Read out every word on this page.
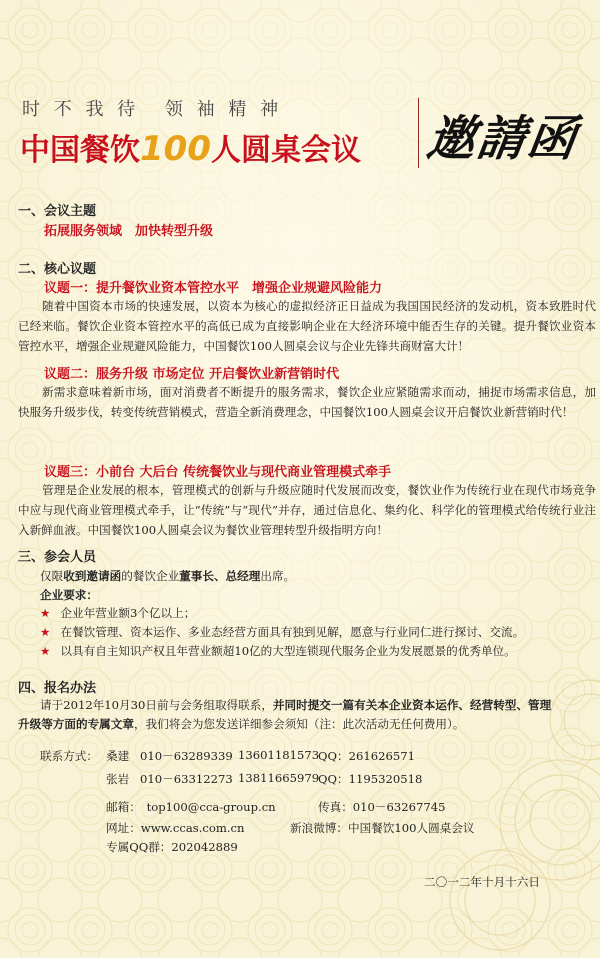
时 不 我 待 领 袖 精 神
中国餐饮100人圆桌会议 邀請函
一、会议主题
拓展服务领域　加快转型升级
二、核心议题
议题一：提升餐饮业资本管控水平　增强企业规避风险能力
随着中国资本市场的快速发展，以资本为核心的虚拟经济正日益成为我国国民经济的发动机，资本致胜时代已经来临。餐饮企业资本管控水平的高低已成为直接影响企业在大经济环境中能否生存的关键。提升餐饮业资本管控水平，增强企业规避风险能力，中国餐饮100人圆桌会议与企业先锋共商财富大计！
议题二：服务升级 市场定位 开启餐饮业新营销时代
新需求意味着新市场，面对消费者不断提升的服务需求，餐饮企业应紧随需求而动，捕捉市场需求信息，加快服务升级步伐，转变传统营销模式，营造全新消费理念，中国餐饮100人圆桌会议开启餐饮业新营销时代！
议题三：小前台 大后台 传统餐饮业与现代商业管理模式牵手
管理是企业发展的根本，管理模式的创新与升级应随时代发展而改变，餐饮业作为传统行业在现代市场竞争中应与现代商业管理模式牵手，让“传统”与“现代”并存，通过信息化、集约化、科学化的管理模式给传统行业注入新鲜血液。中国餐饮100人圆桌会议为餐饮业管理转型升级指明方向！
三、参会人员
仅限收到邀请函的餐饮企业董事长、总经理出席。
企业要求：
★ 企业年营业额3个亿以上；
★ 在餐饮管理、资本运作、多业态经营方面具有独到见解，愿意与行业同仁进行探讨、交流。
★ 以具有自主知识产权且年营业额超10亿的大型连锁现代服务企业为发展愿景的优秀单位。
四、报名办法
请于2012年10月30日前与会务组取得联系，并同时提交一篇有关本企业资本运作、经营转型、管理
升级等方面的专属文章，我们将会为您发送详细参会须知（注：此次活动无任何费用）。
联系方式： 桑建 010－63289339 13601181573
QQ：261626571
张岩 010－63312273 13811665979
QQ：1195320518
邮箱：　top100@cca-group.cn	传真：010－63267745
网址：www.ccas.com.cn	新浪微博：中国餐饮100人圆桌会议
专属QQ群：202042889
二〇一二年十月十六日
